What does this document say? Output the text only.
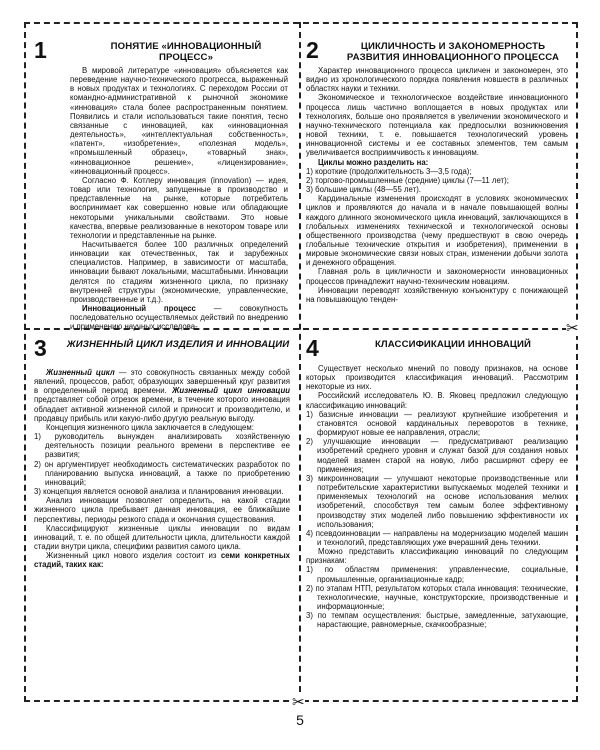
✂
✂
1	ПОНЯТИЕ «ИННОВАЦИОННЫЙ ПРОЦЕСС»

В мировой литературе «инновация» объясняется как переведение научно-технического прогресса, выраженный в новых продуктах и технологиях. С переходом России от командно-административной к рыночной экономике «инновация» стала более распространенным понятием. Появились и стали использоваться такие понятия, тесно связанные с инновацией, как «инновационная деятельность», «интеллектуальная собственность», «патент», «изобретение», «полезная модель», «промышленный образец», «товарный знак», «инновационное решение», «лицензирование», «инновационный процесс».

Согласно Ф. Котлеру инновация (innovation) — идея, товар или технология, запущенные в производство и представленные на рынке, которые потребитель воспринимает как совершенно новые или обладающие некоторыми уникальными свойствами. Это новые качества, впервые реализованные в некотором товаре или технологии и представленные на рынке.

Насчитывается более 100 различных определений инновации как отечественных, так и зарубежных специалистов. Например, в зависимости от масштаба, инновации бывают локальными, масштабными. Инновации делятся по стадиям жизненного цикла, по признаку внутренней структуры (экономические, управленческие, производственные и т.д.).

Инновационный процесс — совокупность последовательно осуществляемых действий по внедрению и применению научных исследова-

2	ЦИКЛИЧНОСТЬ И ЗАКОНОМЕРНОСТЬ РАЗВИТИЯ ИННОВАЦИОННОГО ПРОЦЕССА

Характер инновационного процесса цикличен и закономерен, это видно из хронологического порядка появления новшеств в различных областях науки и техники.

Экономическое и технологическое воздействие инновационного процесса лишь частично воплощается в новых продуктах или технологиях, больше оно проявляется в увеличении экономического и научно-технического потенциала как предпосылки возникновения новой техники, т. е. повышается технологический уровень инновационной системы и ее составных элементов, тем самым увеличивается восприимчивость к инновациям.

Циклы можно разделить на:

1) короткие (продолжительность 3—3,5 года);

2) торгово-промышленные (средние) циклы (7—11 лет);

3) большие циклы (48—55 лет).

Кардинальные изменения происходят в условиях экономических циклов и проявляются до начала и в начале повышающей волны каждого длинного экономического цикла инноваций, заключающихся в глобальных изменениях технической и технологической основы общественного производства (чему предшествуют в свою очередь глобальные технические открытия и изобретения), применении в мировые экономические связи новых стран, изменении добычи золота и денежного обращения.

Главная роль в цикличности и закономерности инновационных процессов принадлежит научно-техническим новациям.

Инновации переводят хозяйственную конъюнктуру с понижающей на повышающую тенден-

3	ЖИЗНЕННЫЙ ЦИКЛ ИЗДЕЛИЯ И ИННОВАЦИИ

Жизненный цикл — это совокупность связанных между собой явлений, процессов, работ, образующих завершенный круг развития в определенный период времени. Жизненный цикл инновации представляет собой отрезок времени, в течение которого инновация обладает активной жизненной силой и приносит и производителю, и продавцу прибыль или какую-либо другую реальную выгоду.

Концепция жизненного цикла заключается в следующем:

1) руководитель вынужден анализировать хозяйственную деятельность позиции реального времени в перспективе ее развития;

2) он аргументирует необходимость систематических разработок по планированию выпуска инноваций, а также по приобретению инноваций;

3) концепция является основой анализа и планирования инновации.

Анализ инновации позволяет определить, на какой стадии жизненного цикла пребывает данная инновация, ее ближайшие перспективы, периоды резкого спада и окончания существования.

Классифицируют жизненные циклы инновации по видам инноваций, т. е. по общей длительности цикла, длительности каждой стадии внутри цикла, специфики развития самого цикла.

Жизненный цикл нового изделия состоит из семи конкретных стадий, таких как:

4	КЛАССИФИКАЦИИ ИННОВАЦИЙ

Существует несколько мнений по поводу признаков, на основе которых производится классификация инноваций. Рассмотрим некоторые из них.

Российский исследователь Ю. В. Яковец предложил следующую классификацию инноваций:

1) базисные инновации — реализуют крупнейшие изобретения и становятся основой кардинальных переворотов в технике, формируют новые ее направления, отрасли;

2) улучшающие инновации — предусматривают реализацию изобретений среднего уровня и служат базой для создания новых моделей взамен старой на новую, либо расширяют сферу ее применения;

3) микроинновации — улучшают некоторые производственные или потребительские характеристики выпускаемых моделей техники и применяемых технологий на основе использования мелких изобретений, способствуя тем самым более эффективному производству этих моделей либо повышению эффективности их использования;

4) псевдоинновации — направлены на модернизацию моделей машин и технологий, представляющих уже вчерашний день техники.

Можно представить классификацию инноваций по следующим признакам:

1) по областям применения: управленческие, социальные, промышленные, организационные кадр;

2) по этапам НТП, результатом которых стала инновация: технические, технологические, научные, конструкторские, производственные и информационные;

3) по темпам осуществления: быстрые, замедленные, затухающие, нарастающие, равномерные, скачкообразные;

5
